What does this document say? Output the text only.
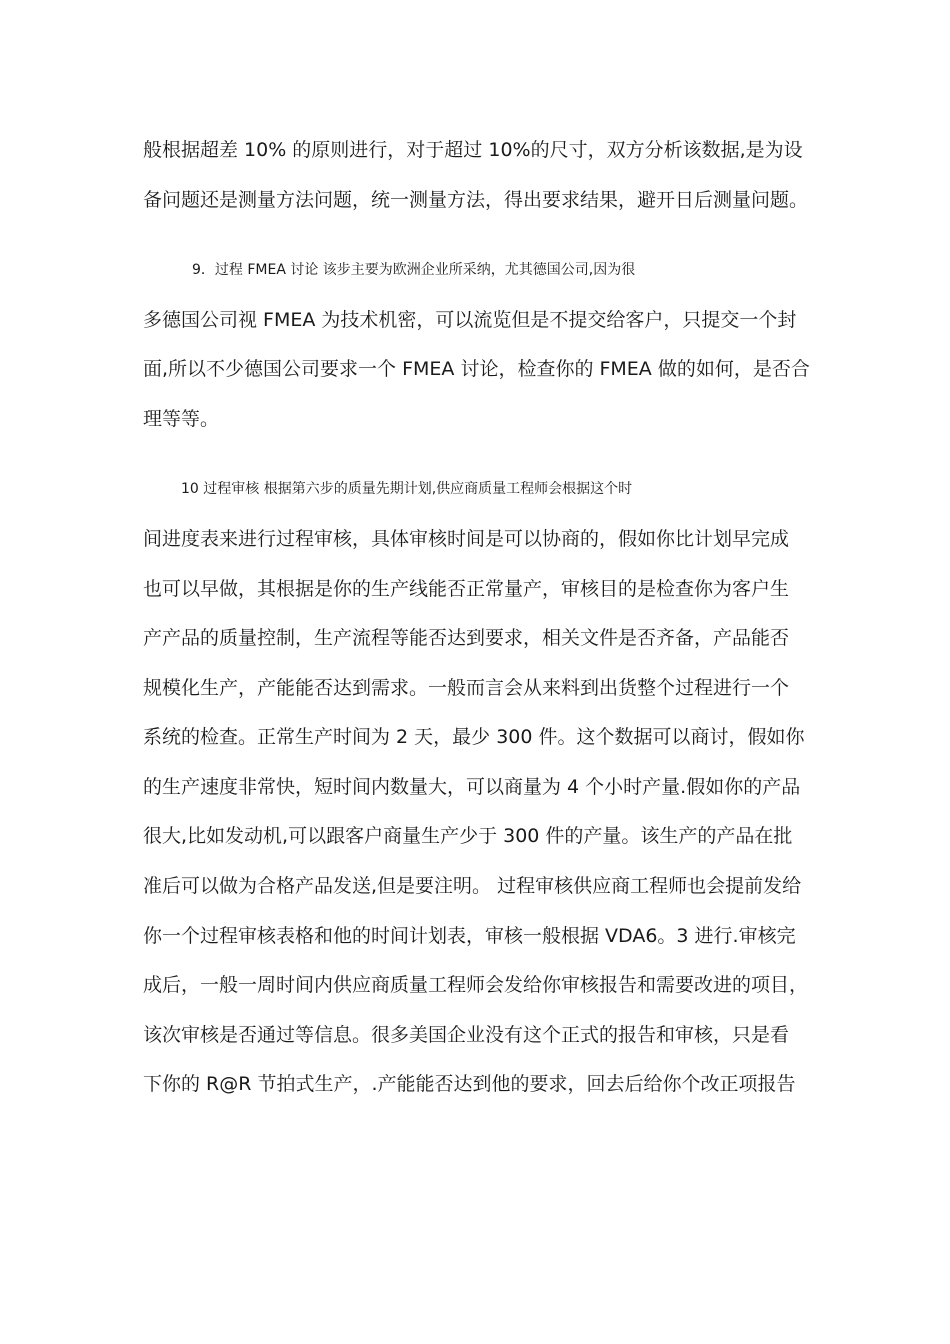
般根据超差 10% 的原则进行，对于超过 10%的尺寸，双方分析该数据,是为设
备问题还是测量方法问题，统一测量方法，得出要求结果，避开日后测量问题。
9．过程 FMEA 讨论 该步主要为欧洲企业所采纳，尤其德国公司,因为很
多德国公司视 FMEA 为技术机密，可以流览但是不提交给客户，只提交一个封
面,所以不少德国公司要求一个 FMEA 讨论，检查你的 FMEA 做的如何，是否合
理等等。
10 过程审核 根据第六步的质量先期计划,供应商质量工程师会根据这个时
间进度表来进行过程审核，具体审核时间是可以协商的，假如你比计划早完成
也可以早做，其根据是你的生产线能否正常量产，审核目的是检查你为客户生
产产品的质量控制，生产流程等能否达到要求，相关文件是否齐备，产品能否
规模化生产，产能能否达到需求。一般而言会从来料到出货整个过程进行一个
系统的检查。正常生产时间为 2 天，最少 300 件。这个数据可以商讨，假如你
的生产速度非常快，短时间内数量大，可以商量为 4 个小时产量.假如你的产品
很大,比如发动机,可以跟客户商量生产少于 300 件的产量。该生产的产品在批
准后可以做为合格产品发送,但是要注明。 过程审核供应商工程师也会提前发给
你一个过程审核表格和他的时间计划表，审核一般根据 VDA6。3 进行.审核完
成后，一般一周时间内供应商质量工程师会发给你审核报告和需要改进的项目，
该次审核是否通过等信息。很多美国企业没有这个正式的报告和审核，只是看
下你的 R@R 节拍式生产，.产能能否达到他的要求，回去后给你个改正项报告
